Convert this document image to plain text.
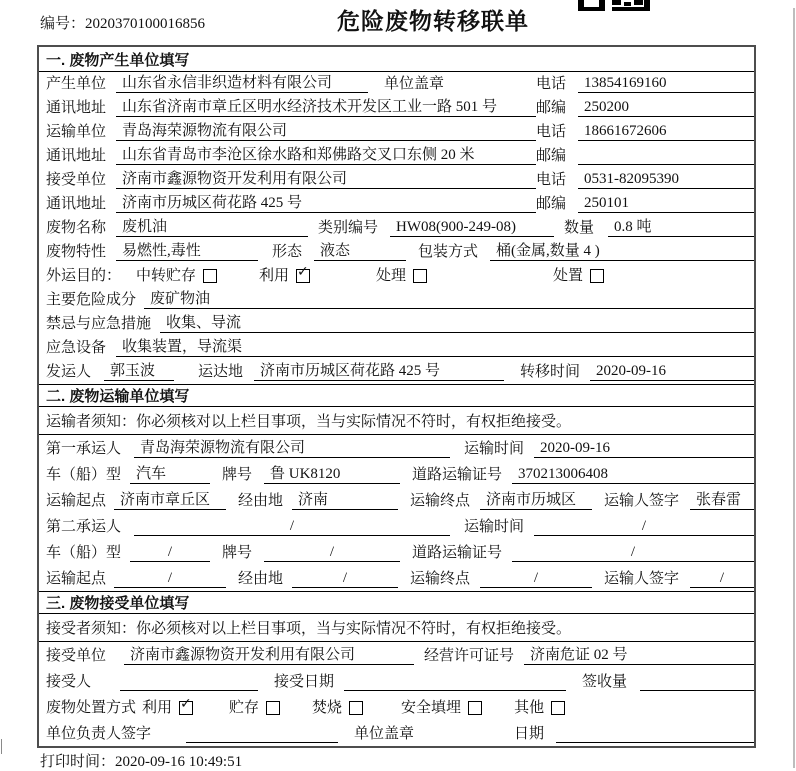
编号：2020370100016856	危险废物转移联单
一. 废物产生单位填写
产生单位	山东省永信非织造材料有限公司	单位盖章	电话	13854169160
通讯地址	山东省济南市章丘区明水经济技术开发区工业一路 501 号	邮编	250200
运输单位	青岛海荣源物流有限公司	电话	18661672606
通讯地址	山东省青岛市李沧区徐水路和郑佛路交叉口东侧 20 米	邮编
接受单位	济南市鑫源物资开发利用有限公司	电话	0531-82095390
通讯地址	济南市历城区荷花路 425 号	邮编	250101
废物名称	废机油	类别编号	HW08(900-249-08)	数量	0.8 吨
废物特性	易燃性,毒性	形态	液态	包装方式	桶(金属,数量 4 )
外运目的： 中转贮存	利用 ✓	处理	处置
主要危险成分 废矿物油
禁忌与应急措施 收集、导流
应急设备	收集装置，导流渠
发运人	郭玉波	运达地	济南市历城区荷花路 425 号	转移时间	2020-09-16
二. 废物运输单位填写
运输者须知：你必须核对以上栏目事项，当与实际情况不符时，有权拒绝接受。
第一承运人	青岛海荣源物流有限公司	运输时间	2020-09-16
车（船）型 汽车	牌号	鲁 UK8120	道路运输证号	370213006408
运输起点 济南市章丘区	经由地 济南	运输终点	济南市历城区	运输人签字	张春雷
第二承运人	/	运输时间	/
车（船）型	/	牌号	/	道路运输证号	/
运输起点	/	经由地	/	运输终点	/	运输人签字	/
三. 废物接受单位填写
接受者须知：你必须核对以上栏目事项，当与实际情况不符时，有权拒绝接受。
接受单位	济南市鑫源物资开发利用有限公司	经营许可证号	济南危证 02 号
接受人	接受日期	签收量
废物处置方式 利用 ✓ 贮存	焚烧	安全填埋	其他
单位负责人签字	单位盖章	日期
打印时间：2020-09-16 10:49:51
